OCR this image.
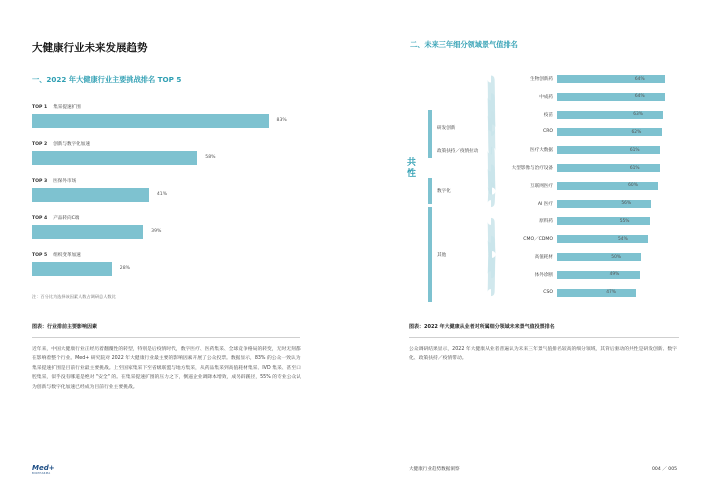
大健康行业未来发展趋势
一、2022 年大健康行业主要挑战排名 TOP 5
TOP 1 集采提速扩围
83%
TOP 2 创新与数字化加速
58%
TOP 3 医保外市场
41%
TOP 4 产品转向C端
39%
TOP 5 组织变革加速
28%
注：百分比为选择该因素人数占调研总人数比
图表：行业排前主要影响因素
近年来，中国大健康行业正经历着翻覆性的转型，特别是后疫情时代，数字医疗、医药集采、全球竞争格局的转变，无时无刻都在影响着整个行业。Med+ 研究院对 2022 年大健康行业最主要的影响因素开展了公众投票。数据显示，83% 的公众一致认为集采提速扩围是目前行业最主要挑战。上至国家集采下至省级联盟与地方集采，从药品集采到高值耗材集采、IVD 集采、甚至口腔集采，似乎没有哪道是绝对 "安全" 的。在集采提速扩围的压力之下，倒逼企业调降本增效，成另辟蹊径，55% 的专业公众认为创新与数字化加速已经成为目前行业主要挑战。
二、未来三年细分领域景气值排名
共性
研发创新
政策扶持／疫情拉动
数字化
其他
生物创新药	64%
中成药	64%
疫苗	63%
CRO	62%
医疗大数据	61%
大型影像与治疗设备	61%
互联网医疗	60%
AI 医疗	56%
原料药	55%
CMO／CDMO	54%
高值耗材	50%
体外诊断	49%
CSO	47%
图表：2022 年大健康从业者对所属细分领域未来景气值投票排名
公众调研结果显示，2022 年大健康从业者普遍认为未来三年景气值排名较高的细分领域，其背后驱动的共性是研发创新、数字化、政策扶持／疫情带动。
Med+
BIOPHARMA
大健康行业趋势数据洞察	004 ／ 005
